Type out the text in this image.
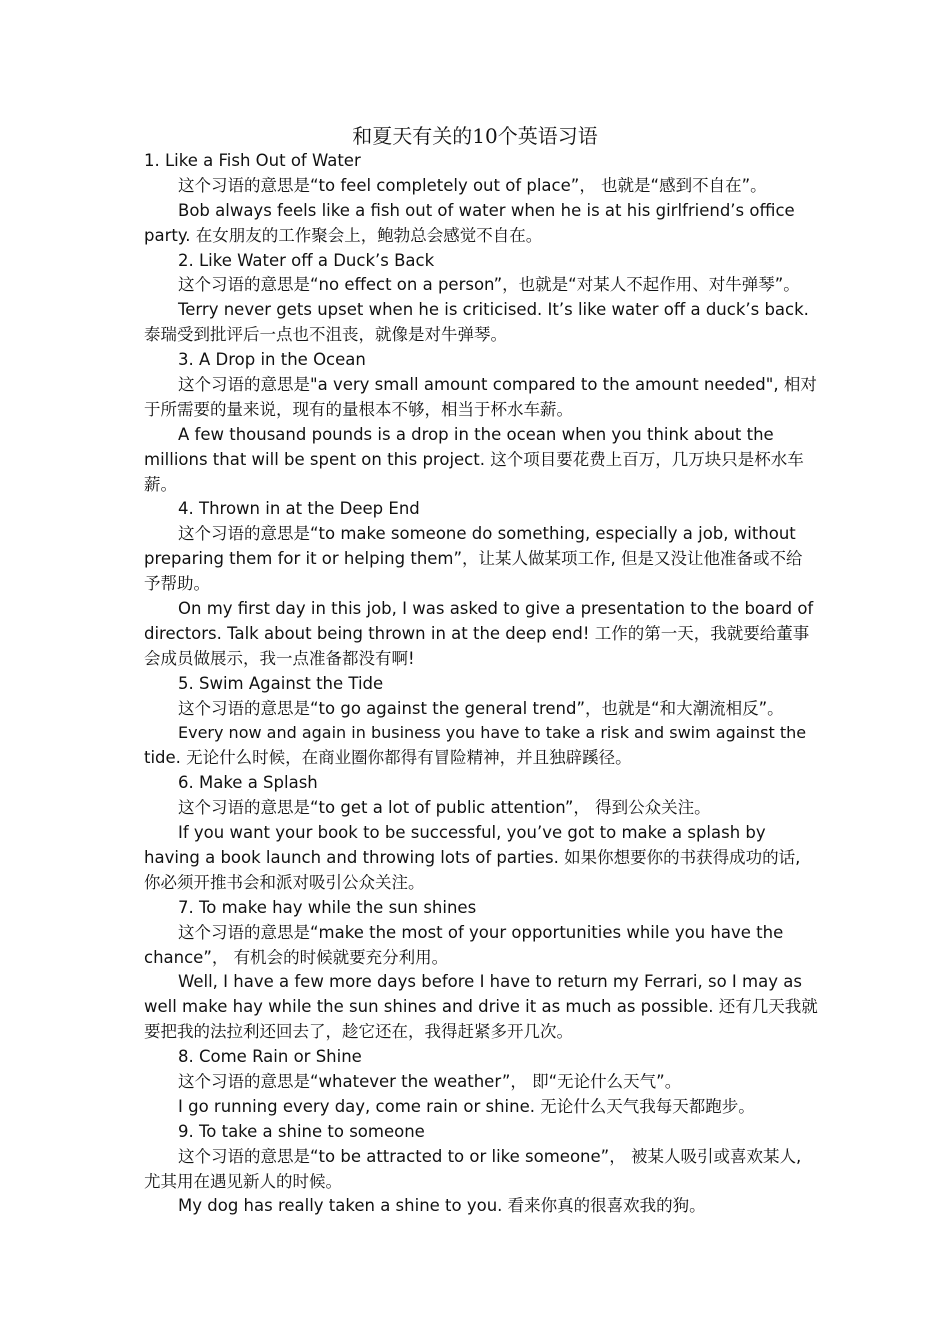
和夏天有关的10个英语习语
1. Like a Fish Out of Water
这个习语的意思是“to feel completely out of place”， 也就是“感到不自在”。
Bob always feels like a fish out of water when he is at his girlfriend’s office
party. 在女朋友的工作聚会上，鲍勃总会感觉不自在。
2. Like Water off a Duck’s Back
这个习语的意思是“no effect on a person”，也就是“对某人不起作用、对牛弹琴”。
Terry never gets upset when he is criticised. It’s like water off a duck’s back.
泰瑞受到批评后一点也不沮丧，就像是对牛弹琴。
3. A Drop in the Ocean
这个习语的意思是"a very small amount compared to the amount needed", 相对
于所需要的量来说，现有的量根本不够，相当于杯水车薪。
A few thousand pounds is a drop in the ocean when you think about the
millions that will be spent on this project. 这个项目要花费上百万，几万块只是杯水车
薪。
4. Thrown in at the Deep End
这个习语的意思是“to make someone do something, especially a job, without
preparing them for it or helping them”，让某人做某项工作, 但是又没让他准备或不给
予帮助。
On my first day in this job, I was asked to give a presentation to the board of
directors. Talk about being thrown in at the deep end! 工作的第一天，我就要给董事
会成员做展示，我一点准备都没有啊!
5. Swim Against the Tide
这个习语的意思是“to go against the general trend”，也就是“和大潮流相反”。
Every now and again in business you have to take a risk and swim against the
tide. 无论什么时候，在商业圈你都得有冒险精神，并且独辟蹊径。
6. Make a Splash
这个习语的意思是“to get a lot of public attention”， 得到公众关注。
If you want your book to be successful, you’ve got to make a splash by
having a book launch and throwing lots of parties. 如果你想要你的书获得成功的话,
你必须开推书会和派对吸引公众关注。
7. To make hay while the sun shines
这个习语的意思是“make the most of your opportunities while you have the
chance”， 有机会的时候就要充分利用。
Well, I have a few more days before I have to return my Ferrari, so I may as
well make hay while the sun shines and drive it as much as possible. 还有几天我就
要把我的法拉利还回去了，趁它还在，我得赶紧多开几次。
8. Come Rain or Shine
这个习语的意思是“whatever the weather”， 即“无论什么天气”。
I go running every day, come rain or shine. 无论什么天气我每天都跑步。
9. To take a shine to someone
这个习语的意思是“to be attracted to or like someone”， 被某人吸引或喜欢某人,
尤其用在遇见新人的时候。
My dog has really taken a shine to you. 看来你真的很喜欢我的狗。
